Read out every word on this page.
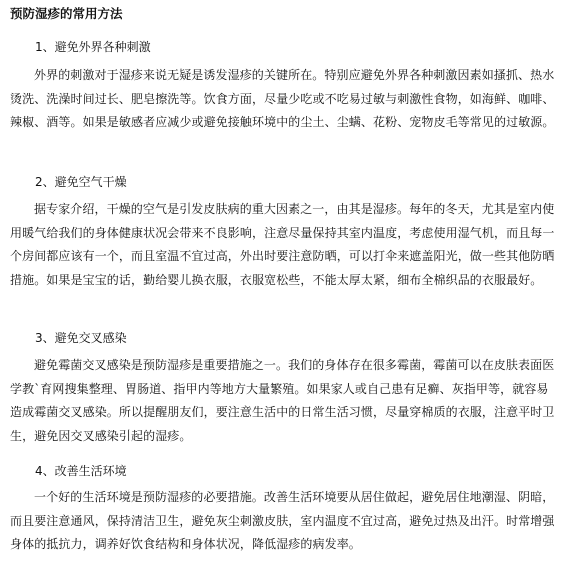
预防湿疹的常用方法
1、避免外界各种刺激

外界的刺激对于湿疹来说无疑是诱发湿疹的关键所在。特别应避免外界各种刺激因素如搔抓、热水烫洗、洗澡时间过长、肥皂擦洗等。饮食方面，尽量少吃或不吃易过敏与刺激性食物，如海鲜、咖啡、辣椒、酒等。如果是敏感者应减少或避免接触环境中的尘土、尘螨、花粉、宠物皮毛等常见的过敏源。

2、避免空气干燥

据专家介绍，干燥的空气是引发皮肤病的重大因素之一，由其是湿疹。每年的冬天，尤其是室内使用暖气给我们的身体健康状况会带来不良影响，注意尽量保持其室内温度，考虑使用湿气机，而且每一个房间都应该有一个，而且室温不宜过高，外出时要注意防晒，可以打伞来遮盖阳光，做一些其他防晒措施。如果是宝宝的话，勤给婴儿换衣服，衣服宽松些，不能太厚太紧，细布全棉织品的衣服最好。

3、避免交叉感染

避免霉菌交叉感染是预防湿疹是重要措施之一。我们的身体存在很多霉菌，霉菌可以在皮肤表面医学教`育网搜集整理、胃肠道、指甲内等地方大量繁殖。如果家人或自己患有足癣、灰指甲等，就容易造成霉菌交叉感染。所以提醒朋友们，要注意生活中的日常生活习惯，尽量穿棉质的衣服，注意平时卫生，避免因交叉感染引起的湿疹。

4、改善生活环境

一个好的生活环境是预防湿疹的必要措施。改善生活环境要从居住做起，避免居住地潮湿、阴暗，而且要注意通风，保持清洁卫生，避免灰尘刺激皮肤，室内温度不宜过高，避免过热及出汗。时常增强身体的抵抗力，调养好饮食结构和身体状况，降低湿疹的病发率。
